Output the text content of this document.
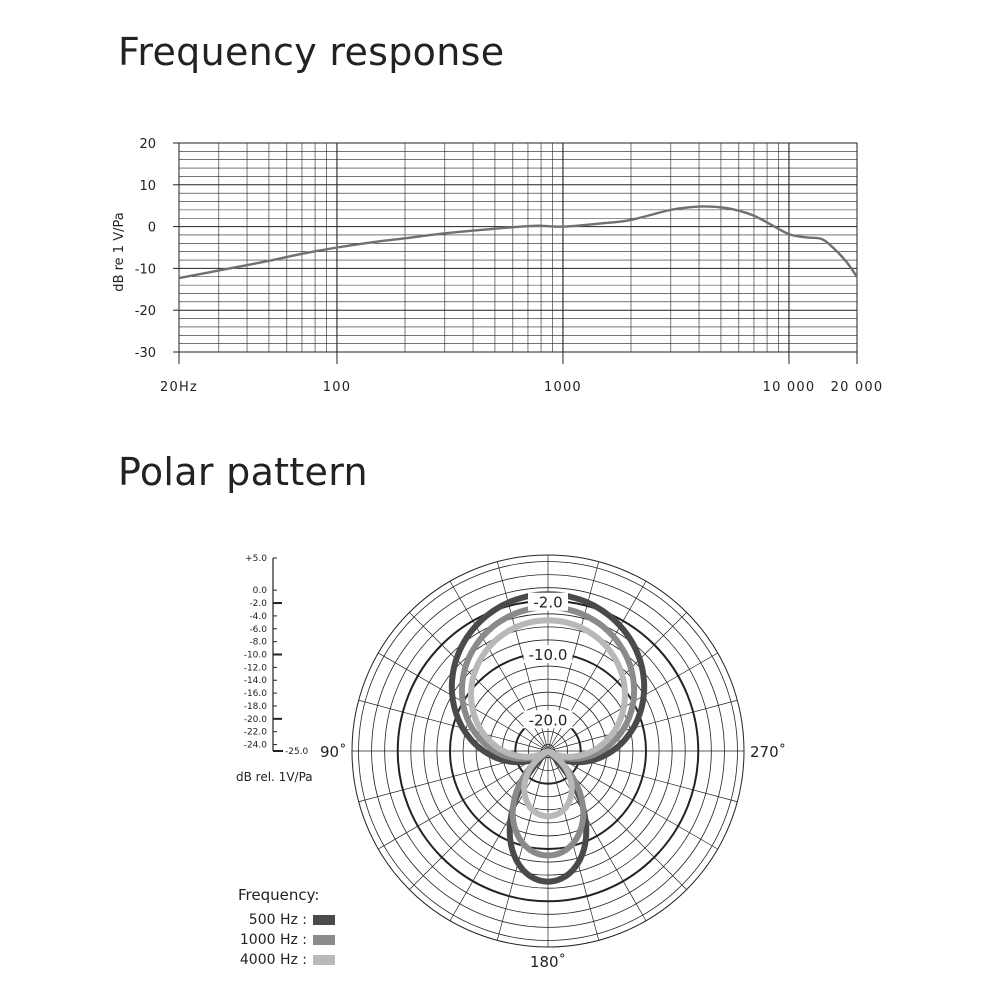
Frequency response
Polar pattern
20
10
0
-10
-20
-30
20Hz	100	1000	10 000 20 000
dB re 1 V/Pa
-2.0
-10.0
-20.0
90˚	270˚
180˚
+5.0
0.0
-2.0
-4.0
-6.0
-8.0
-10.0
-12.0
-14.0
-16.0
-18.0
-20.0
-22.0
-24.0
-25.0
dB rel. 1V/Pa
Frequency:
500 Hz :
1000 Hz :
4000 Hz :
